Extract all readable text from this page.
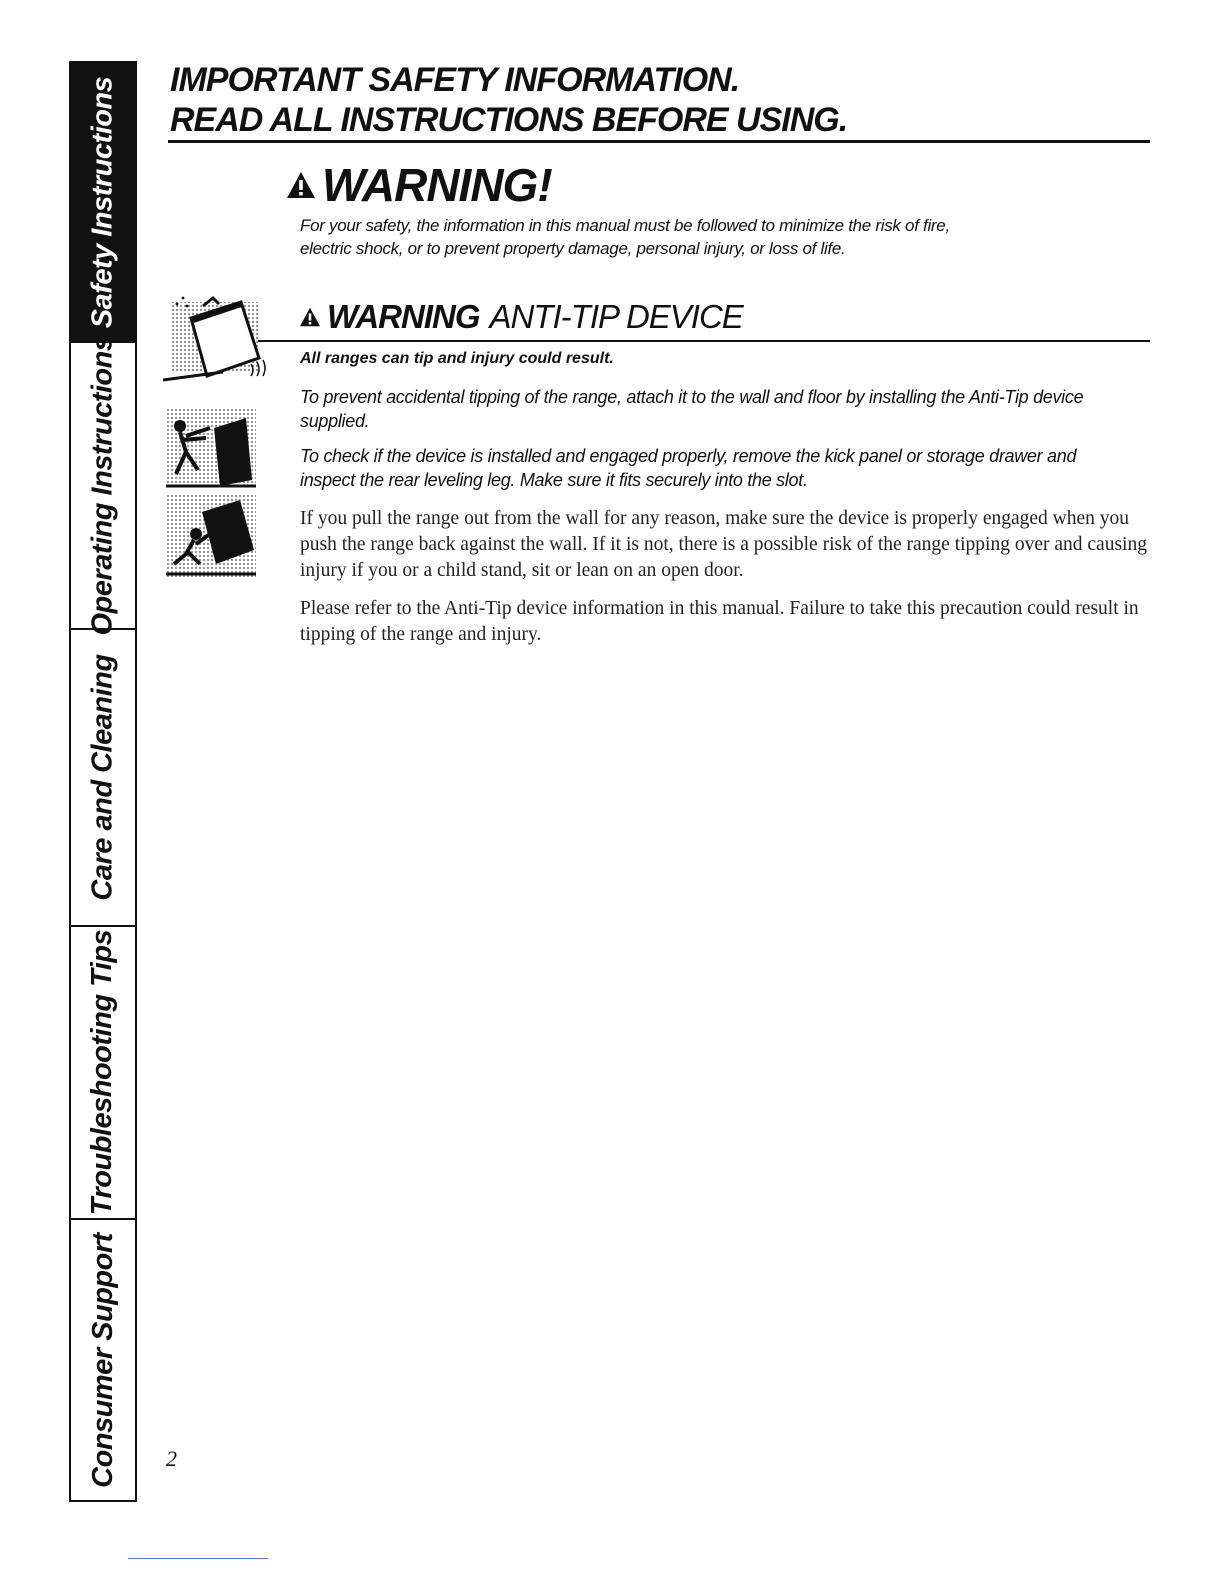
Safety Instructions
Operating Instructions
Care and Cleaning
Troubleshooting Tips
Consumer Support
IMPORTANT SAFETY INFORMATION.
READ ALL INSTRUCTIONS BEFORE USING.
WARNING!

For your safety, the information in this manual must be followed to minimize the risk of fire,
electric shock, or to prevent property damage, personal injury, or loss of life.

WARNING ANTI-TIP DEVICE

All ranges can tip and injury could result.

To prevent accidental tipping of the range, attach it to the wall and floor by installing the Anti-Tip device supplied.

To check if the device is installed and engaged properly, remove the kick panel or storage drawer and inspect the rear leveling leg. Make sure it fits securely into the slot.

If you pull the range out from the wall for any reason, make sure the device is properly engaged when you push the range back against the wall. If it is not, there is a possible risk of the range tipping over and causing injury if you or a child stand, sit or lean on an open door.

Please refer to the Anti-Tip device information in this manual. Failure to take this precaution could result in tipping of the range and injury.

2
